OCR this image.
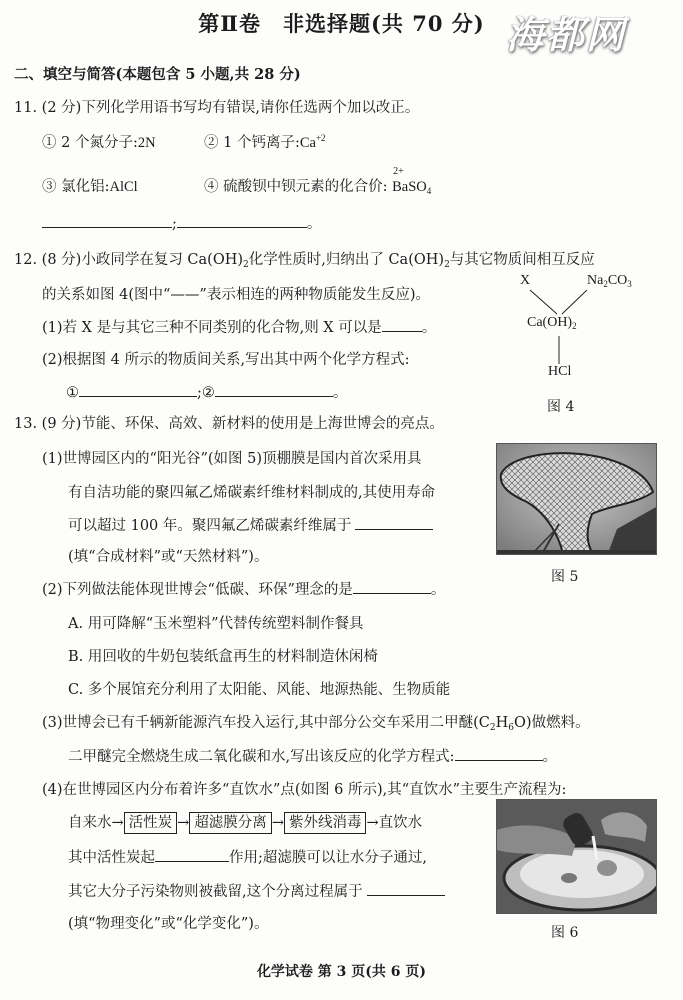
第Ⅱ卷 非选择题(共 70 分) 海都网
二、填空与简答(本题包含 5 小题,共 28 分)
11. (2 分)下列化学用语书写均有错误,请你任选两个加以改正。
① 2 个氮分子:2N	② 1 个钙离子$:Ca^{+2}$
③ 氯化铝:AlCl	④ 硫酸钡中钡元素的化合价:
2+
BaSO$_4$
;	。
12. (8 分)小政同学在复习 $Ca(OH)_2$化学性质时,归纳出了 $Ca(OH)_2$与其它物质间相互反应
的关系如图 4(图中“——”表示相连的两种物质能发生反应)。
(1)若 X 是与其它三种不同类别的化合物,则 X 可以是	。
(2)根据图 4 所示的物质间关系,写出其中两个化学方程式:
①	;②	。
X	$Na_2CO_3$
$Ca(OH)_2$
HCl
图 4
13. (9 分)节能、环保、高效、新材料的使用是上海世博会的亮点。
(1)世博园区内的“阳光谷”(如图 5)顶棚膜是国内首次采用具
有自洁功能的聚四氟乙烯碳素纤维材料制成的,其使用寿命
可以超过 100 年。聚四氟乙烯碳素纤维属于
(填“合成材料”或“天然材料”)。
图 5
(2)下列做法能体现世博会“低碳、环保”理念的是	。
A. 用可降解“玉米塑料”代替传统塑料制作餐具
B. 用回收的牛奶包装纸盒再生的材料制造休闲椅
C. 多个展馆充分利用了太阳能、风能、地源热能、生物质能
(3)世博会已有千辆新能源汽车投入运行,其中部分公交车采用二甲醚$(C_2H_6O)$做燃料。
二甲醚完全燃烧生成二氧化碳和水,写出该反应的化学方程式:	。
(4)在世博园区内分布着许多“直饮水”点(如图 6 所示),其“直饮水”主要生产流程为:
自来水→ 活性炭 → 超滤膜分离 → 紫外线消毒 →直饮水
其中活性炭起	作用;超滤膜可以让水分子通过,
其它大分子污染物则被截留,这个分离过程属于
(填“物理变化”或“化学变化”)。
图 6
化学试卷 第 3 页(共 6 页)
